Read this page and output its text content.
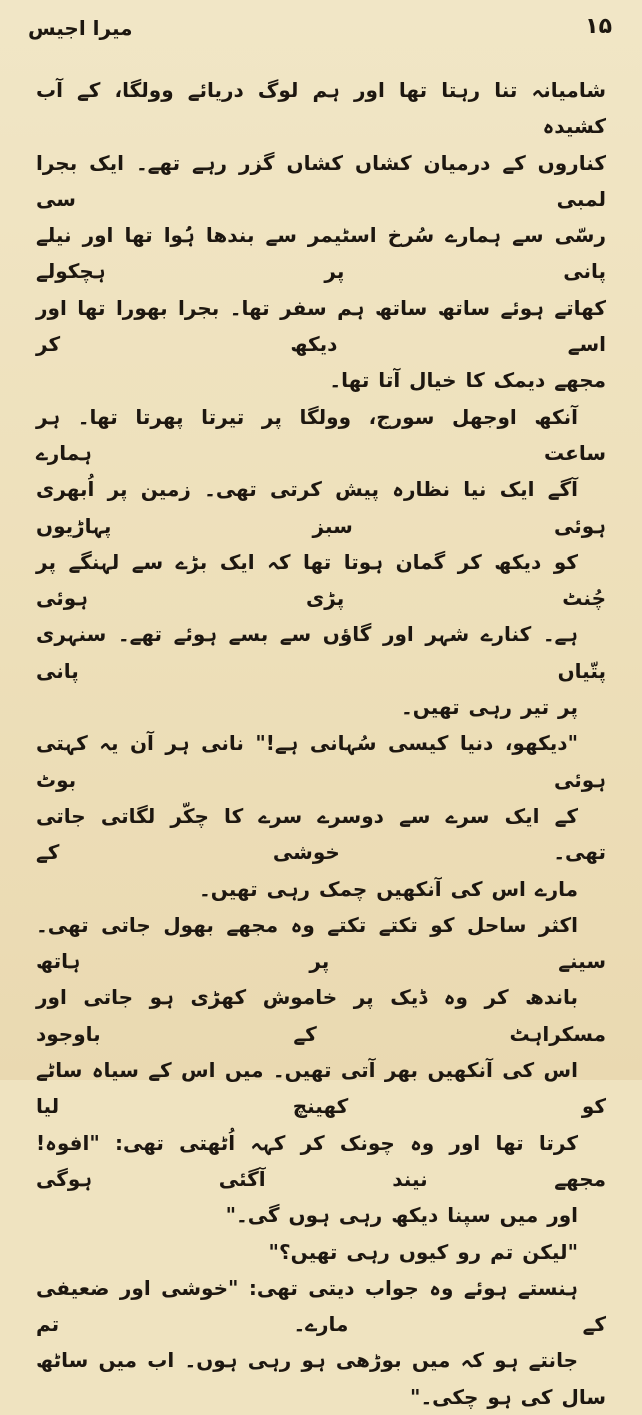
میرا اجیس	۱۵

شامیانہ تنا رہتا تھا اور ہم لوگ دریائے وولگا، کے آب کشیدہ
کناروں کے درمیان کشاں کشاں گزر رہے تھے۔ ایک بجرا لمبی سی
رسّی سے ہمارے سُرخ اسٹیمر سے بندھا ہُوا تھا اور نیلے پانی پر ہچکولے
کھاتے ہوئے ساتھ ساتھ ہم سفر تھا۔ بجرا بھورا تھا اور اسے دیکھ کر
مجھے دیمک کا خیال آتا تھا۔

آنکھ اوجھل سورج، وولگا پر تیرتا پھرتا تھا۔ ہر ساعت ہمارے
آگے ایک نیا نظارہ پیش کرتی تھی۔ زمین پر اُبھری ہوئی سبز پہاڑیوں
کو دیکھ کر گمان ہوتا تھا کہ ایک بڑے سے لہنگے پر چُنٹ پڑی ہوئی
ہے۔ کنارے شہر اور گاؤں سے بسے ہوئے تھے۔ سنہری پتّیاں پانی
پر تیر رہی تھیں۔

"دیکھو، دنیا کیسی سُہانی ہے!" نانی ہر آن یہ کہتی ہوئی بوٹ
کے ایک سرے سے دوسرے سرے کا چکّر لگاتی جاتی تھی۔ خوشی کے
مارے اس کی آنکھیں چمک رہی تھیں۔

اکثر ساحل کو تکتے تکتے وہ مجھے بھول جاتی تھی۔ سینے پر ہاتھ
باندھ کر وہ ڈیک پر خاموش کھڑی ہو جاتی اور مسکراہٹ کے باوجود
اس کی آنکھیں بھر آتی تھیں۔ میں اس کے سیاہ ساٹے کو کھینچ لیا
کرتا تھا اور وہ چونک کر کہہ اُٹھتی تھی: "افوہ! مجھے نیند آگئی ہوگی
اور میں سپنا دیکھ رہی ہوں گی۔"

"لیکن تم رو کیوں رہی تھیں؟"

ہنستے ہوئے وہ جواب دیتی تھی: "خوشی اور ضعیفی کے مارے۔ تم
جانتے ہو کہ میں بوڑھی ہو رہی ہوں۔ اب میں ساٹھ سال کی ہو چکی۔"
